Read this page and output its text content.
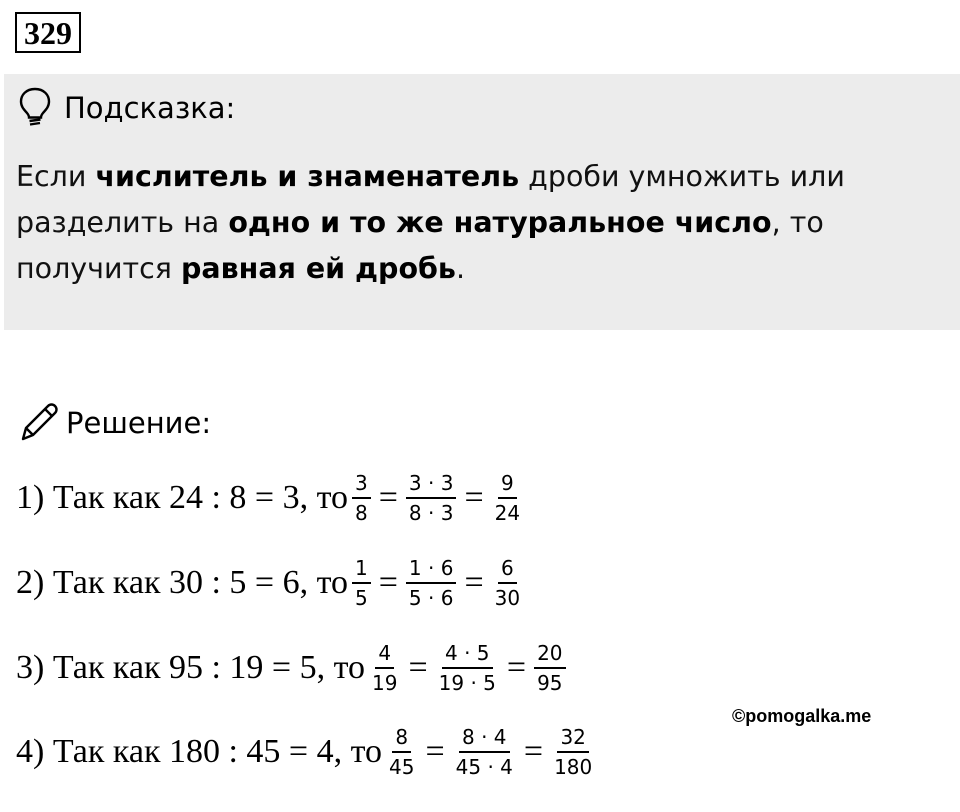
329
Подсказка:
Если числитель и знаменатель дроби умножить или разделить на одно и то же натуральное число, то получится равная ей дробь.
Решение:
1) Так как 24 : 8 = 3, то $\frac{3}{8} = \frac{3 \cdot 3}{8 \cdot 3} = \frac{9}{24}$
2) Так как 30 : 5 = 6, то $\frac{1}{5} = \frac{1 \cdot 6}{5 \cdot 6} = \frac{6}{30}$
3) Так как 95 : 19 = 5, то $\frac{4}{19} = \frac{4 \cdot 5}{19 \cdot 5} = \frac{20}{95}$
4) Так как 180 : 45 = 4, то $\frac{8}{45} = \frac{8 \cdot 4}{45 \cdot 4} = \frac{32}{180}$
©pomogalka.me
